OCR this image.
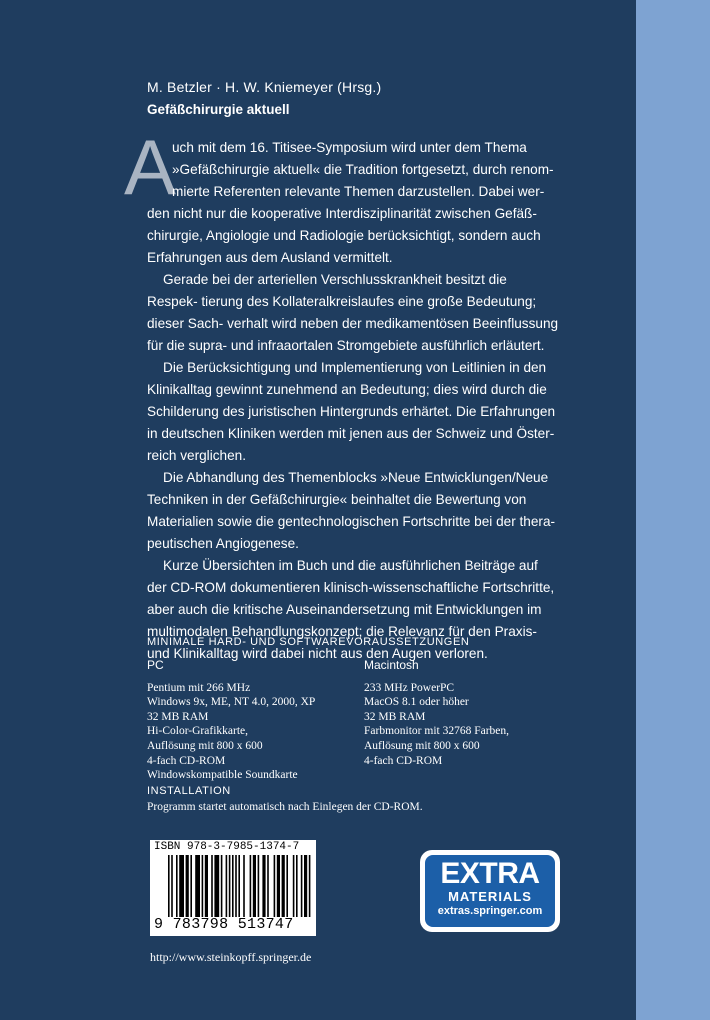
M. Betzler · H. W. Kniemeyer (Hrsg.)
Gefäßchirurgie aktuell
A
uch mit dem 16. Titisee-Symposium wird unter dem Thema
»Gefäßchirurgie aktuell« die Tradition fortgesetzt, durch renom-
mierte Referenten relevante Themen darzustellen. Dabei wer-

den nicht nur die kooperative Interdisziplinarität zwischen Gefäß- chirurgie, Angiologie und Radiologie berücksichtigt, sondern auch Erfahrungen aus dem Ausland vermittelt.

Gerade bei der arteriellen Verschlusskrankheit besitzt die Respek- tierung des Kollateralkreislaufes eine große Bedeutung; dieser Sach- verhalt wird neben der medikamentösen Beeinflussung für die supra- und infraaortalen Stromgebiete ausführlich erläutert.

Die Berücksichtigung und Implementierung von Leitlinien in den Klinikalltag gewinnt zunehmend an Bedeutung; dies wird durch die Schilderung des juristischen Hintergrunds erhärtet. Die Erfahrungen in deutschen Kliniken werden mit jenen aus der Schweiz und Öster- reich verglichen.

Die Abhandlung des Themenblocks »Neue Entwicklungen/Neue Techniken in der Gefäßchirurgie« beinhaltet die Bewertung von Materialien sowie die gentechnologischen Fortschritte bei der thera- peutischen Angiogenese.

Kurze Übersichten im Buch und die ausführlichen Beiträge auf der CD-ROM dokumentieren klinisch-wissenschaftliche Fortschritte, aber auch die kritische Auseinandersetzung mit Entwicklungen im multimodalen Behandlungskonzept; die Relevanz für den Praxis- und Klinikalltag wird dabei nicht aus den Augen verloren.

MINIMALE HARD- UND SOFTWAREVORAUSSETZUNGEN
PC
Pentium mit 266 MHz
Windows 9x, ME, NT 4.0, 2000, XP
32 MB RAM
Hi-Color-Grafikkarte,
Auflösung mit 800 x 600
4-fach CD-ROM
Windowskompatible Soundkarte
Macintosh
233 MHz PowerPC
MacOS 8.1 oder höher
32 MB RAM
Farbmonitor mit 32768 Farben,
Auflösung mit 800 x 600
4-fach CD-ROM
INSTALLATION
Programm startet automatisch nach Einlegen der CD-ROM.
ISBN 978-3-7985-1374-7
9 783798 513747
EXTRA
MATERIALS
extras.springer.com
http://www.steinkopff.springer.de
